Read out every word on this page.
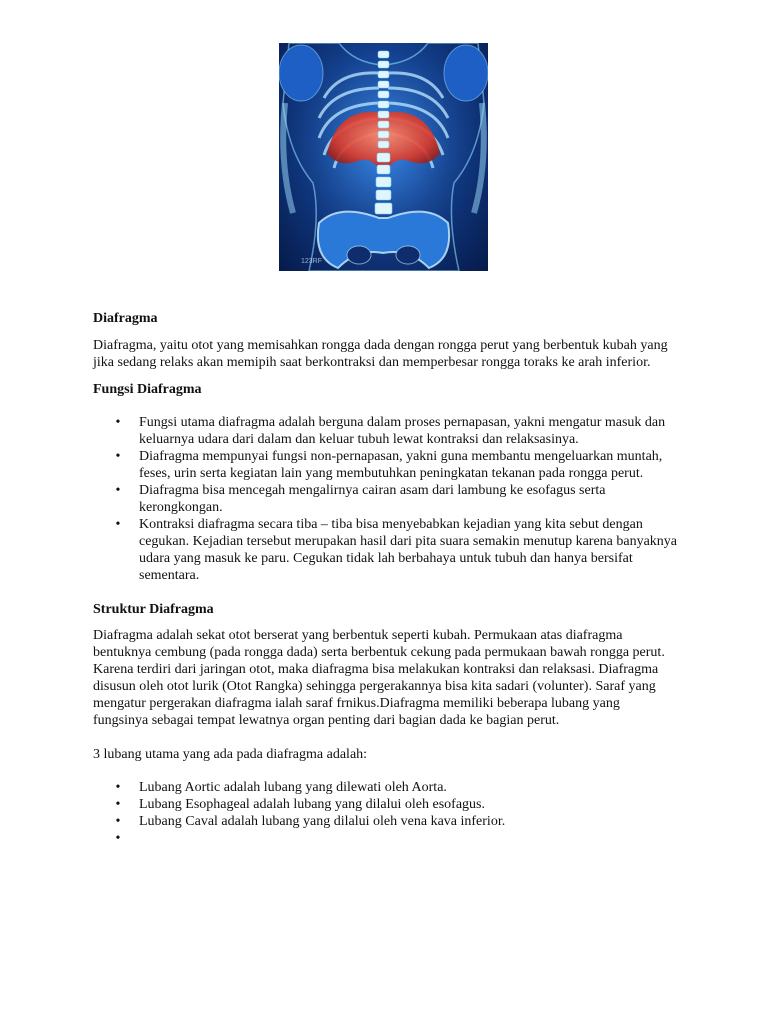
123RF
Diafragma

Diafragma, yaitu otot yang memisahkan rongga dada dengan rongga perut yang berbentuk kubah yang jika sedang relaks akan memipih saat berkontraksi dan memperbesar rongga toraks ke arah inferior.

Fungsi Diafragma
• Fungsi utama diafragma adalah berguna dalam proses pernapasan, yakni mengatur masuk dan keluarnya udara dari dalam dan keluar tubuh lewat kontraksi dan relaksasinya.
• Diafragma mempunyai fungsi non-pernapasan, yakni guna membantu mengeluarkan muntah, feses, urin serta kegiatan lain yang membutuhkan peningkatan tekanan pada rongga perut.
• Diafragma bisa mencegah mengalirnya cairan asam dari lambung ke esofagus serta kerongkongan.
• Kontraksi diafragma secara tiba – tiba bisa menyebabkan kejadian yang kita sebut dengan cegukan. Kejadian tersebut merupakan hasil dari pita suara semakin menutup karena banyaknya udara yang masuk ke paru. Cegukan tidak lah berbahaya untuk tubuh dan hanya bersifat sementara.
Struktur Diafragma

Diafragma adalah sekat otot berserat yang berbentuk seperti kubah. Permukaan atas diafragma bentuknya cembung (pada rongga dada) serta berbentuk cekung pada permukaan bawah rongga perut. Karena terdiri dari jaringan otot, maka diafragma bisa melakukan kontraksi dan relaksasi. Diafragma disusun oleh otot lurik (Otot Rangka) sehingga pergerakannya bisa kita sadari (volunter). Saraf yang mengatur pergerakan diafragma ialah saraf frnikus.Diafragma memiliki beberapa lubang yang fungsinya sebagai tempat lewatnya organ penting dari bagian dada ke bagian perut.

3 lubang utama yang ada pada diafragma adalah:

• Lubang Aortic adalah lubang yang dilewati oleh Aorta.
• Lubang Esophageal adalah lubang yang dilalui oleh esofagus.
• Lubang Caval adalah lubang yang dilalui oleh vena kava inferior.
•
